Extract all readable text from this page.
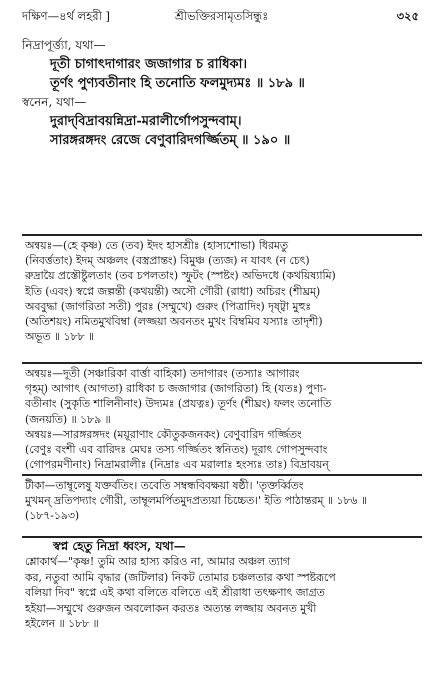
দক্ষিণ—৪র্থ লহরী ]	শ্রীভক্তিরসামৃতসিন্ধুঃ	৩২৫
নিদ্রাপূর্ত্ত্যা, যথা—
দূতী চাগাৎদাগারং জজাগার চ রাধিকা।
তূর্ণং পুণ্যবতীনাং হি তনোতি ফলমুদ্যমঃ ॥ ১৮৯ ॥
স্বনেন, যথা—
দুরাদ্‌বিদ্রাবয়ন্নিদ্রা-মরালীর্গোপসুন্দবাম্‌।
সারঙ্গরঙ্গদং রেজে বেণুবারিদগর্জ্জিতম্‌ ॥ ১৯০ ॥
অন্বয়ঃ—(হে কৃষ্ণ) তে (তব) ইদং হাসশ্রীঃ (হাস্যশোভা) ধিরমতু
(নিবর্ত্ততাং) ইদম্‌ অঞ্চলং (বস্ত্রপ্রান্তং) বিমুঞ্চ (ত্যজ) ন যাবৎ (ন চেৎ)
রুদ্রায়ৈ প্রস্তৌষ্টুলতাং (তব চপলতাং) স্ফুটং (স্পষ্টং) অভিদধে (কথয়িষ্যামি)
ইতি (এবং) স্বপ্নে জল্পন্তী (কথয়ন্তী) অসৌ গৌরী (রাধা) অচিরং (শীঘ্রম্‌)
অববুদ্ধা (জাগরিতা সতী) পুরঃ (সম্মুখে) গুরুং (পিত্রাদিং) দৃষ্ট্বা মুহুঃ
(অতিশয়ং) নমিতমুখবিম্বা (লজ্জয়া অবনতং মুখং বিম্বমিব যস্যাঃ তাদৃশী)
অভূত ॥ ১৮৮ ॥
অন্বয়ঃ—দূতী (সঞ্চারিকা বার্ত্তা বাহিকা) তদাগারং (তস্যাঃ আগারং
গৃহম্‌) আগাৎ (আগতা) রাধিকা চ জজাগার (জাগরিতা) হি (যতঃ) পুণ্য-
বতীনাং (সুকৃতি শালিনীনাং) উদ্যমঃ (প্রযত্নঃ) তূর্ণং (শীঘ্রং) ফলং তনোতি
(জনয়তি) ॥ ১৮৯ ॥
অন্বয়ঃ—সারঙ্গরঙ্গদং (ময়ূরাণাং কৌতুকজনকং) বেণুবারিদ গর্জ্জিতং
(বেণুঃ বংশী এব বারিদঃ মেঘঃ তস্য গর্জ্জিতং স্বনিতং) দূরাৎ গোপসুন্দবাং
(গোপরমণীনাং) নিদ্রামরালীঃ (নিদ্রাঃ এব মরালাঃ হংস্যঃ তাঃ) বিদ্রাবয়ন্‌
টীকা—তাম্বূলেষু যক্তৰ্বতিং। তবেতি সম্বন্ধবিবক্ষয়া ষষ্ঠী। 'তৃক্তর্ব্বিতং
মুখমন্ দ্রতিপদ্যাং গৌরী, তাম্বূলমর্পিতমুদপ্রত্যয়া চিচ্চেত।' ইতি পাঠান্তরম্‌ ॥ ১৮৬ ॥
(১৮৭-১৯৩)
স্বপ্ন হেতু নিদ্রা ধ্বংস, যথা—
শ্লোকার্থ—"কৃষ্ণ! তুমি আর হাস্য করিও না, আমার অঞ্চল ত্যাগ
কর, নতুবা আমি বৃদ্ধার (জটিলার) নিকট তোমার চঞ্চলতার কথা স্পষ্টরূপে
বলিয়া দিব" স্বপ্নে এই কথা বলিতে বলিতে এই শ্রীরাধা তৎক্ষণাৎ জাগ্রত
হইয়া—সম্মুখে গুরুজন অবলোকন করতঃ অত্যন্ত লজ্জায় অবনত মুখী
হইলেন ॥ ১৮৮ ॥
